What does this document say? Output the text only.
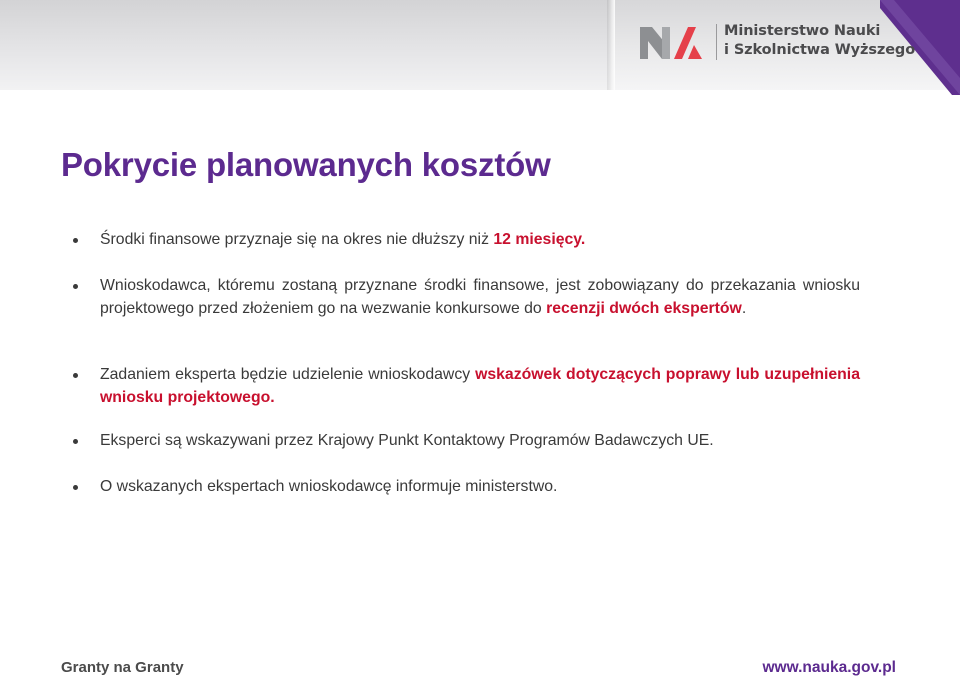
Ministerstwo Nauki
i Szkolnictwa Wyższego
Pokrycie planowanych kosztów
Środki finansowe przyznaje się na okres nie dłuższy niż 12 miesięcy.
Wnioskodawca, któremu zostaną przyznane środki finansowe, jest zobowiązany do przekazania wniosku projektowego przed złożeniem go na wezwanie konkursowe do recenzji dwóch ekspertów.
Zadaniem eksperta będzie udzielenie wnioskodawcy wskazówek dotyczących poprawy lub uzupełnienia wniosku projektowego.
Eksperci są wskazywani przez Krajowy Punkt Kontaktowy Programów Badawczych UE.
O wskazanych ekspertach wnioskodawcę informuje ministerstwo.
Granty na Granty	www.nauka.gov.pl
